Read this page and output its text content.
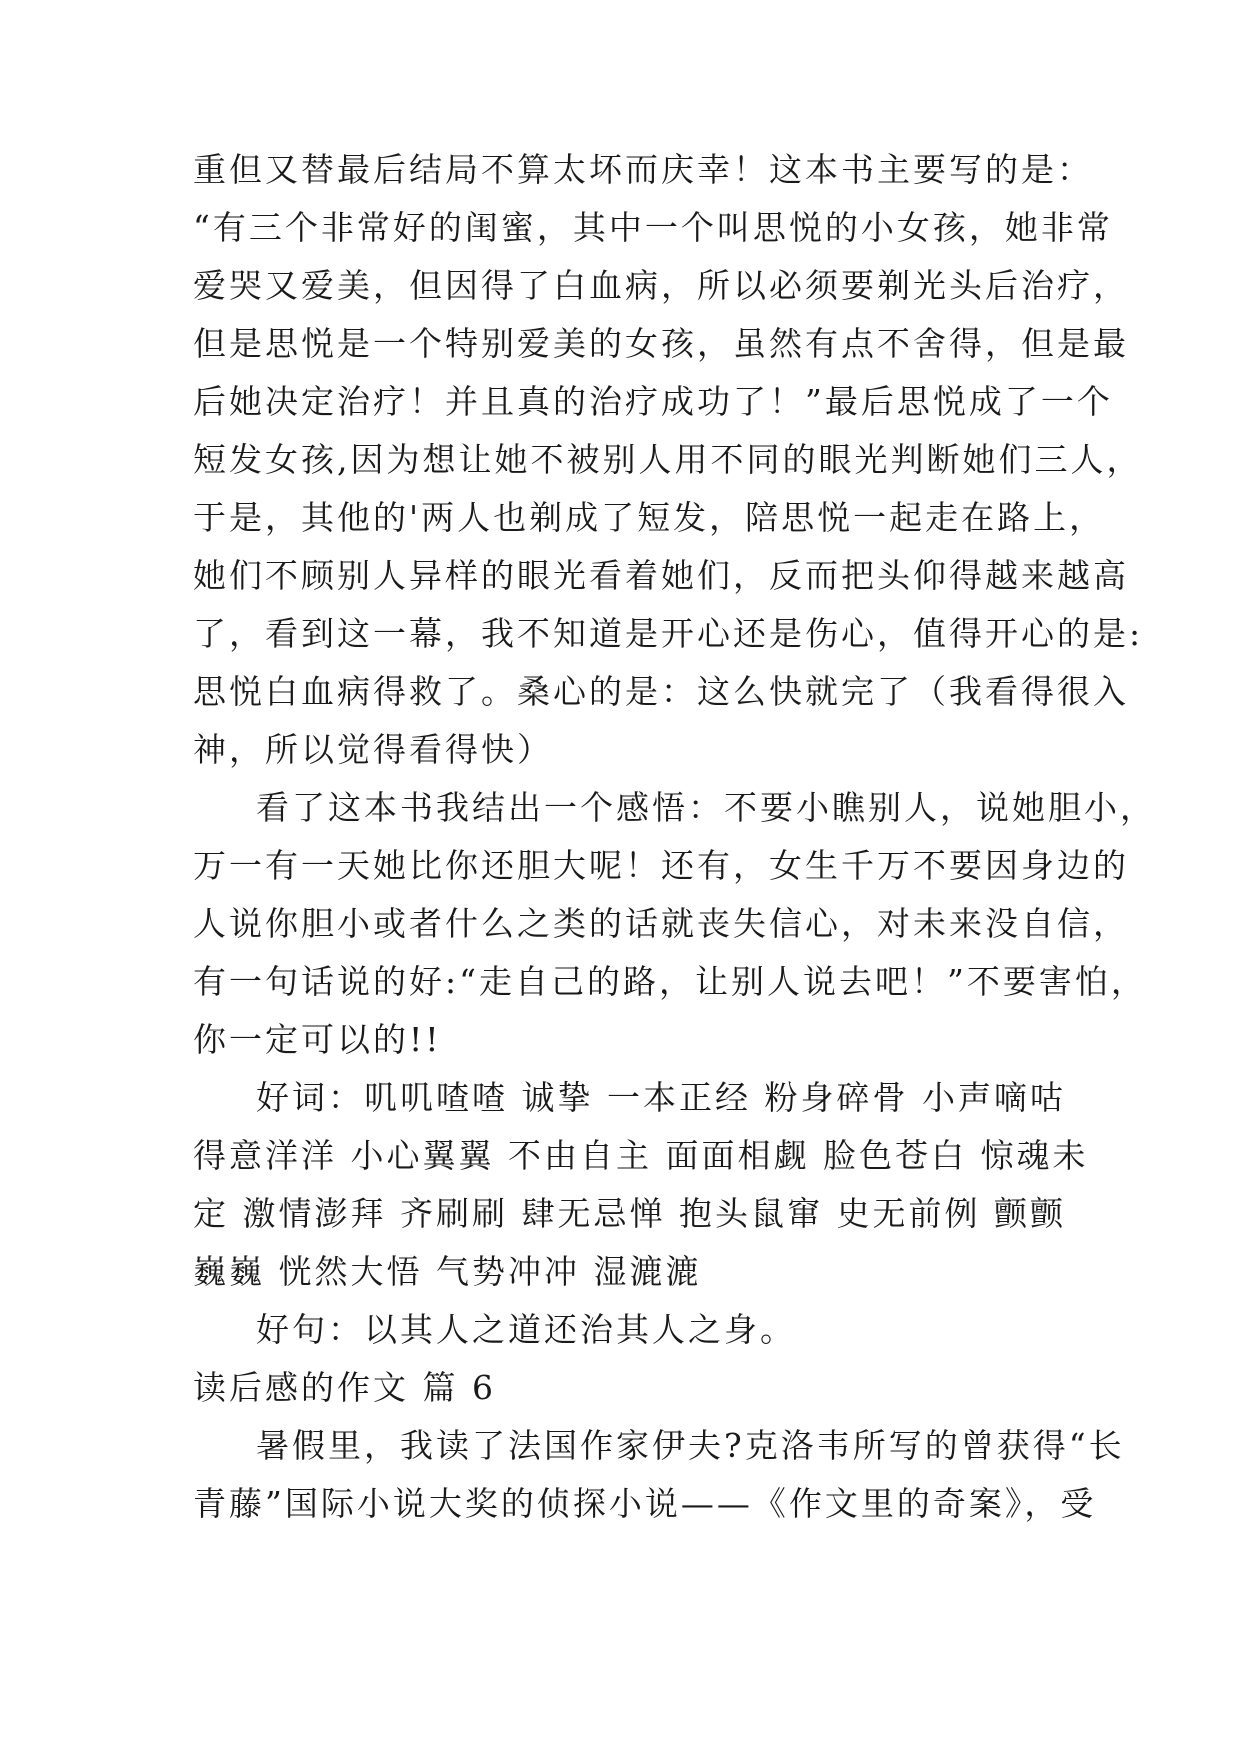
重但又替最后结局不算太坏而庆幸！这本书主要写的是：
“有三个非常好的闺蜜，其中一个叫思悦的小女孩，她非常
爱哭又爱美，但因得了白血病，所以必须要剃光头后治疗，
但是思悦是一个特别爱美的女孩，虽然有点不舍得，但是最
后她决定治疗！并且真的治疗成功了！”最后思悦成了一个
短发女孩,因为想让她不被别人用不同的眼光判断她们三人，
于是，其他的'两人也剃成了短发，陪思悦一起走在路上，
她们不顾别人异样的眼光看着她们，反而把头仰得越来越高
了，看到这一幕，我不知道是开心还是伤心，值得开心的是:
思悦白血病得救了。桑心的是：这么快就完了（我看得很入
神，所以觉得看得快）
看了这本书我结出一个感悟：不要小瞧别人，说她胆小，
万一有一天她比你还胆大呢！还有，女生千万不要因身边的
人说你胆小或者什么之类的话就丧失信心，对未来没自信，
有一句话说的好:“走自己的路，让别人说去吧！”不要害怕，
你一定可以的!!
好词：叽叽喳喳 诚挚 一本正经 粉身碎骨 小声嘀咕
得意洋洋 小心翼翼 不由自主 面面相觑 脸色苍白 惊魂未
定 激情澎拜 齐刷刷 肆无忌惮 抱头鼠窜 史无前例 颤颤
巍巍 恍然大悟 气势冲冲 湿漉漉
好句：以其人之道还治其人之身。
读后感的作文 篇 6
暑假里，我读了法国作家伊夫?克洛韦所写的曾获得“长
青藤”国际小说大奖的侦探小说——《作文里的奇案》，受
